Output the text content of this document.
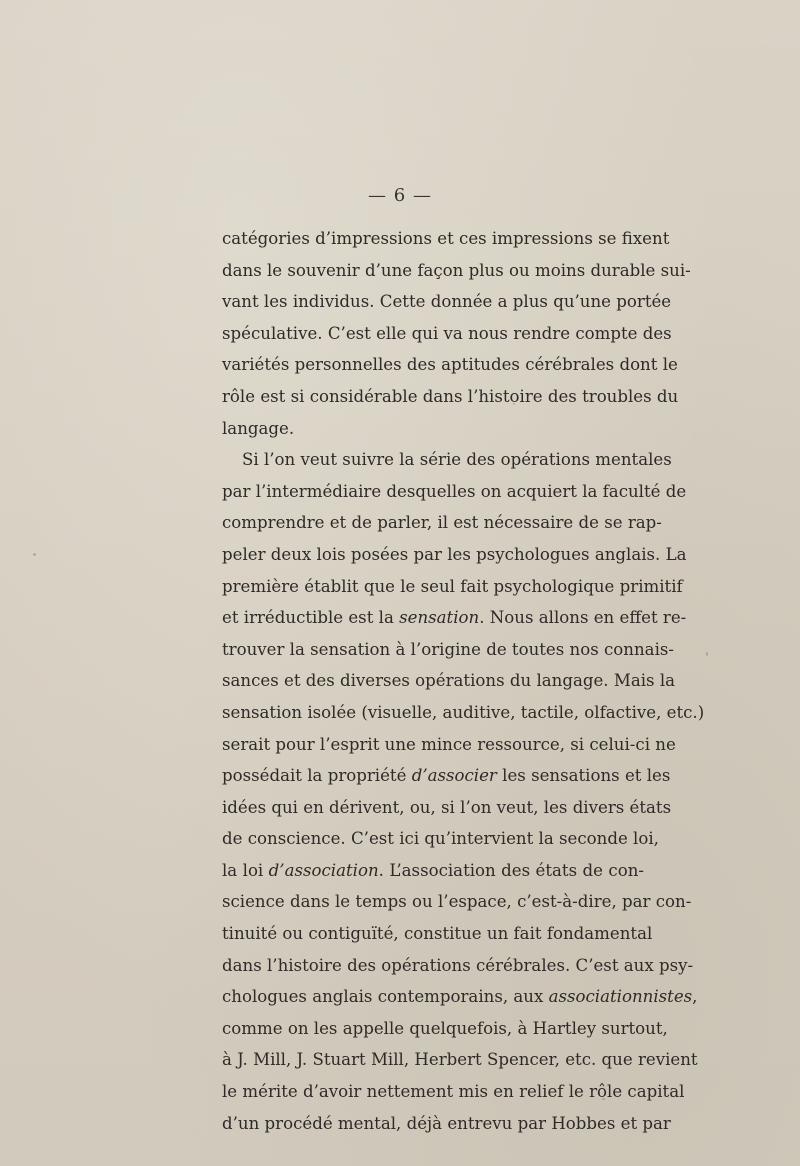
— 6 —
catégories d’impressions et ces impressions se fixent
dans le souvenir d’une façon plus ou moins durable sui-
vant les individus. Cette donnée a plus qu’une portée
spéculative. C’est elle qui va nous rendre compte des
variétés personnelles des aptitudes cérébrales dont le
rôle est si considérable dans l’histoire des troubles du
langage.
Si l’on veut suivre la série des opérations mentales
par l’intermédiaire desquelles on acquiert la faculté de
comprendre et de parler, il est nécessaire de se rap-
peler deux lois posées par les psychologues anglais. La
première établit que le seul fait psychologique primitif
et irréductible est la sensation. Nous allons en effet re-
trouver la sensation à l’origine de toutes nos connais-
sances et des diverses opérations du langage. Mais la
sensation isolée (visuelle, auditive, tactile, olfactive, etc.)
serait pour l’esprit une mince ressource, si celui-ci ne
possédait la propriété d’associer les sensations et les
idées qui en dérivent, ou, si l’on veut, les divers états
de conscience. C’est ici qu’intervient la seconde loi,
la loi d’association. L’association des états de con-
science dans le temps ou l’espace, c’est-à-dire, par con-
tinuité ou contiguïté, constitue un fait fondamental
dans l’histoire des opérations cérébrales. C’est aux psy-
chologues anglais contemporains, aux associationnistes,
comme on les appelle quelquefois, à Hartley surtout,
à J. Mill, J. Stuart Mill, Herbert Spencer, etc. que revient
le mérite d’avoir nettement mis en relief le rôle capital
d’un procédé mental, déjà entrevu par Hobbes et par
